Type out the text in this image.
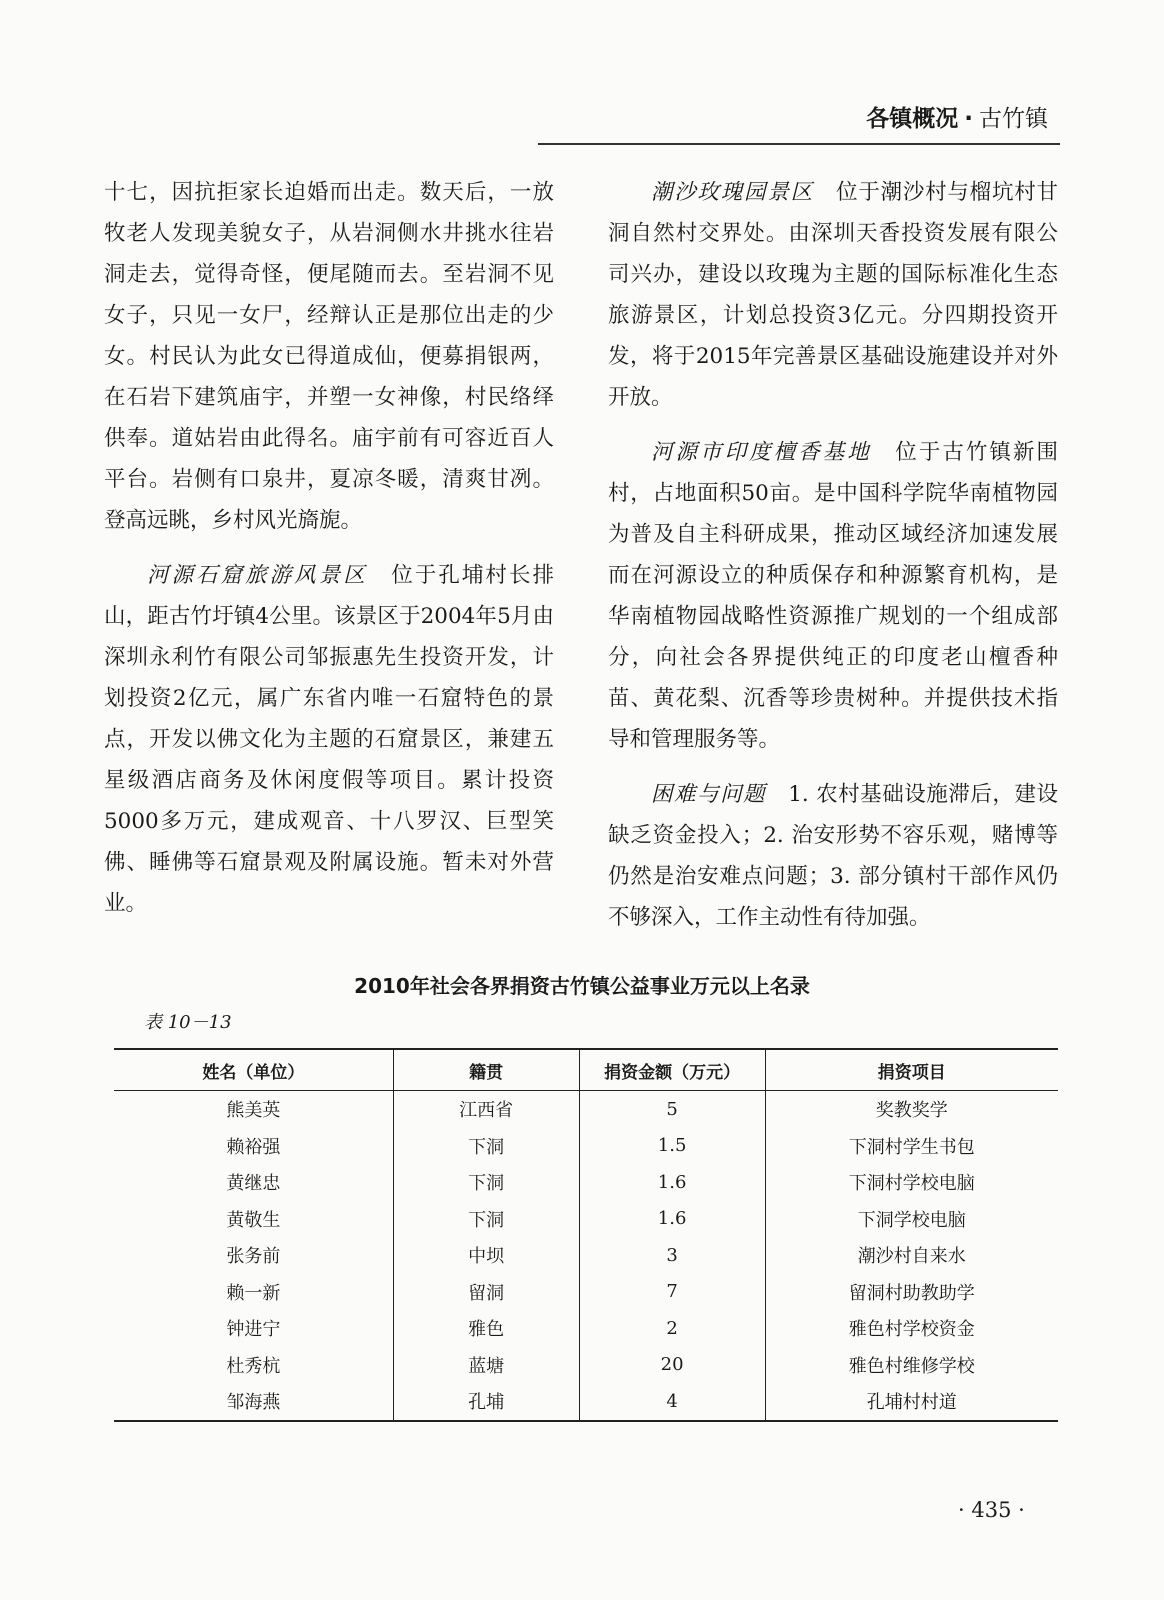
各镇概况 · 古竹镇

十七，因抗拒家长迫婚而出走。数天后，一放牧老人发现美貌女子，从岩洞侧水井挑水往岩洞走去，觉得奇怪，便尾随而去。至岩洞不见女子，只见一女尸，经辩认正是那位出走的少女。村民认为此女已得道成仙，便募捐银两，在石岩下建筑庙宇，并塑一女神像，村民络绎供奉。道姑岩由此得名。庙宇前有可容近百人平台。岩侧有口泉井，夏凉冬暖，清爽甘冽。登高远眺，乡村风光旖旎。

河源石窟旅游风景区　位于孔埔村长排山，距古竹圩镇4公里。该景区于2004年5月由深圳永利竹有限公司邹振惠先生投资开发，计划投资2亿元，属广东省内唯一石窟特色的景点，开发以佛文化为主题的石窟景区，兼建五星级酒店商务及休闲度假等项目。累计投资5000多万元，建成观音、十八罗汉、巨型笑佛、睡佛等石窟景观及附属设施。暂未对外营业。

潮沙玫瑰园景区　位于潮沙村与榴坑村甘洞自然村交界处。由深圳天香投资发展有限公司兴办，建设以玫瑰为主题的国际标准化生态旅游景区，计划总投资3亿元。分四期投资开发，将于2015年完善景区基础设施建设并对外开放。

河源市印度檀香基地　位于古竹镇新围村，占地面积50亩。是中国科学院华南植物园为普及自主科研成果，推动区域经济加速发展而在河源设立的种质保存和种源繁育机构，是华南植物园战略性资源推广规划的一个组成部分，向社会各界提供纯正的印度老山檀香种苗、黄花梨、沉香等珍贵树种。并提供技术指导和管理服务等。

困难与问题　1. 农村基础设施滞后，建设缺乏资金投入；2. 治安形势不容乐观，赌博等仍然是治安难点问题；3. 部分镇村干部作风仍不够深入，工作主动性有待加强。

2010年社会各界捐资古竹镇公益事业万元以上名录
表 10－13
姓名（单位）	籍贯	捐资金额（万元）	捐资项目
熊美英	江西省	5	奖教奖学
赖裕强	下洞	1.5	下洞村学生书包
黄继忠	下洞	1.6	下洞村学校电脑
黄敬生	下洞	1.6	下洞学校电脑
张务前	中坝	3	潮沙村自来水
赖一新	留洞	7	留洞村助教助学
钟进宁	雅色	2	雅色村学校资金
杜秀杭	蓝塘	20	雅色村维修学校
邹海燕	孔埔	4	孔埔村村道
· 435 ·
